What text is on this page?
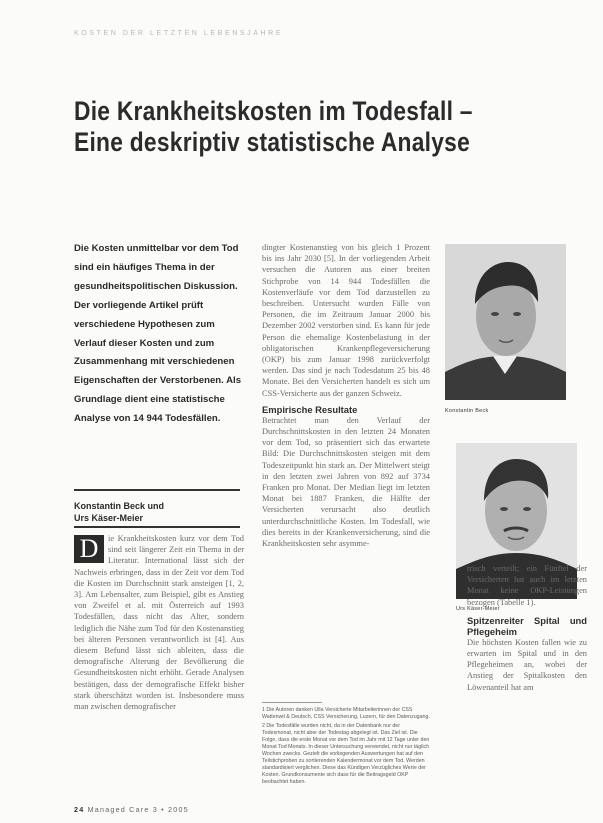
KOSTEN DER LETZTEN LEBENSJAHRE
Die Krankheitskosten im Todesfall –
Eine deskriptiv statistische Analyse
Die Kosten unmittelbar vor dem Tod sind ein häufiges Thema in der gesundheitspolitischen Diskussion. Der vorliegende Artikel prüft verschiedene Hypothesen zum Verlauf dieser Kosten und zum Zusammenhang mit verschiedenen Eigenschaften der Verstorbenen. Als Grundlage dient eine statistische Analyse von 14 944 Todesfällen.
Konstantin Beck und
Urs Käser-Meier
D	ie Krankheitskosten kurz vor dem Tod sind seit längerer Zeit ein Thema in der Literatur. International lässt sich der Nachweis erbringen, dass in der Zeit vor dem Tod die Kosten im Durchschnitt stark ansteigen [1, 2, 3]. Am Lebensalter, zum Beispiel, gibt es Anstieg von Zweifel et al. mit Österreich auf 1993 Todesfällen, dass nicht das Alter, sondern lediglich die Nähe zum Tod für den Kostenanstieg bei älteren Personen verantwortlich ist [4]. Aus diesem Befund lässt sich ableiten, dass die demografische Alterung der Bevölkerung die Gesundheitskosten nicht erhöht. Gerade Analysen bestätigen, dass der demografische Effekt bisher stark überschätzt worden ist. Insbesondere muss man zwischen demografischer
dingter Kostenanstieg von bis gleich 1 Prozent bis ins Jahr 2030 [5]. In der vorliegenden Arbeit versuchen die Autoren aus einer breiten Stichprobe von 14 944 Todesfällen die Kostenverläufe vor dem Tod darzustellen zu beschreiben. Untersucht wurden Fälle von Personen, die im Zeitraum Januar 2000 bis Dezember 2002 verstorben sind. Es kann für jede Person die ehemalige Kostenbelastung in der obligatorischen Krankenpflegeversicherung (OKP) bis zum Januar 1998 zurückverfolgt werden. Das sind je nach Todesdatum 25 bis 48 Monate. Bei den Versicherten handelt es sich um CSS-Versicherte aus der ganzen Schweiz.
Empirische Resultate
Betrachtet man den Verlauf der Durchschnittskosten in den letzten 24 Monaten vor dem Tod, so präsentiert sich das erwartete Bild: Die Durchschnittskosten steigen mit dem Todeszeitpunkt hin stark an. Der Mittelwert steigt in den letzten zwei Jahren von 892 auf 3734 Franken pro Monat. Der Median liegt im letzten Monat bei 1887 Franken, die Hälfte der Versicherten verursacht also deutlich unterdurchschnittliche Kosten. Im Todesfall, wie dies bereits in der Krankenversicherung, sind die Krankheitskosten sehr asymme-
1 Die Autoren danken Ulla Versicherte Mitarbeiterinnen der CSS Wattenwil & Deutsch, CSS Versicherung, Luzern, für den Datenzugang.
2 Die Todesfälle wurden nicht, da in der Datenbank nur der Todesmonat, nicht aber der Todestag abgelegt ist. Das Ziel ist. Die Folge, dass die erste Monat vor dem Tod im Jahr mit 12 Tage unter den Monat Tod Monats. In dieser Untersuchung verwendet, nicht nur täglich Wochen zwecks. Gezielt die vorliegenden Auswertungen hat auf den Teilstichproben zu sortierenden Kalendermonat vor dem Tod. Werden standardisiert verglichen. Diese das Kündigen Verzügliches Werte der Kosten. Grundkonsumente sich dass für die Beitragsgeld OKP beobachtet haben.
Konstantin Beck
Urs Käser-Meier
trisch verteilt; ein Fünftel der Versicherten hat auch im letzten Monat keine OKP-Leistungen bezogen (Tabelle 1).
Spitzenreiter Spital und Pflegeheim
Die höchsten Kosten fallen wie zu erwarten im Spital und in den Pflegeheimen an, wobei der Anstieg der Spitalkosten den Löwenanteil hat am
24 Managed Care 3 • 2005
